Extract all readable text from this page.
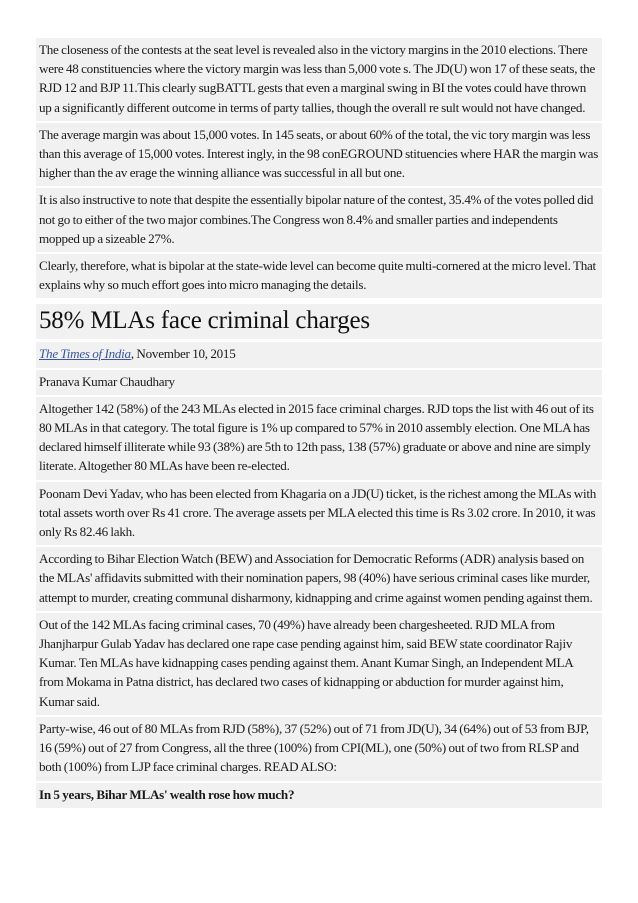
The closeness of the contests at the seat level is revealed also in the victory margins in the 2010 elections. There were 48 constituencies where the victory margin was less than 5,000 vote s. The JD(U) won 17 of these seats, the RJD 12 and BJP 11.This clearly sugBATTL gests that even a marginal swing in BI the votes could have thrown up a significantly different outcome in terms of party tallies, though the overall re sult would not have changed.
The average margin was about 15,000 votes. In 145 seats, or about 60% of the total, the vic tory margin was less than this average of 15,000 votes. Interest ingly, in the 98 conEGROUND stituencies where HAR the margin was higher than the av erage the winning alliance was successful in all but one.
It is also instructive to note that despite the essentially bipolar nature of the contest, 35.4% of the votes polled did not go to either of the two major combines.The Congress won 8.4% and smaller parties and independents mopped up a sizeable 27%.
Clearly, therefore, what is bipolar at the state-wide level can become quite multi-cornered at the micro level. That explains why so much effort goes into micro managing the details.
58% MLAs face criminal charges
The Times of India, November 10, 2015
Pranava Kumar Chaudhary
Altogether 142 (58%) of the 243 MLAs elected in 2015 face criminal charges. RJD tops the list with 46 out of its 80 MLAs in that category. The total figure is 1% up compared to 57% in 2010 assembly election. One MLA has declared himself illiterate while 93 (38%) are 5th to 12th pass, 138 (57%) graduate or above and nine are simply literate. Altogether 80 MLAs have been re-elected.
Poonam Devi Yadav, who has been elected from Khagaria on a JD(U) ticket, is the richest among the MLAs with total assets worth over Rs 41 crore. The average assets per MLA elected this time is Rs 3.02 crore. In 2010, it was only Rs 82.46 lakh.
According to Bihar Election Watch (BEW) and Association for Democratic Reforms (ADR) analysis based on the MLAs' affidavits submitted with their nomination papers, 98 (40%) have serious criminal cases like murder, attempt to murder, creating communal disharmony, kidnapping and crime against women pending against them.
Out of the 142 MLAs facing criminal cases, 70 (49%) have already been chargesheeted. RJD MLA from Jhanjharpur Gulab Yadav has declared one rape case pending against him, said BEW state coordinator Rajiv Kumar. Ten MLAs have kidnapping cases pending against them. Anant Kumar Singh, an Independent MLA from Mokama in Patna district, has declared two cases of kidnapping or abduction for murder against him, Kumar said.
Party-wise, 46 out of 80 MLAs from RJD (58%), 37 (52%) out of 71 from JD(U), 34 (64%) out of 53 from BJP, 16 (59%) out of 27 from Congress, all the three (100%) from CPI(ML), one (50%) out of two from RLSP and both (100%) from LJP face criminal charges. READ ALSO:
In 5 years, Bihar MLAs' wealth rose how much?
